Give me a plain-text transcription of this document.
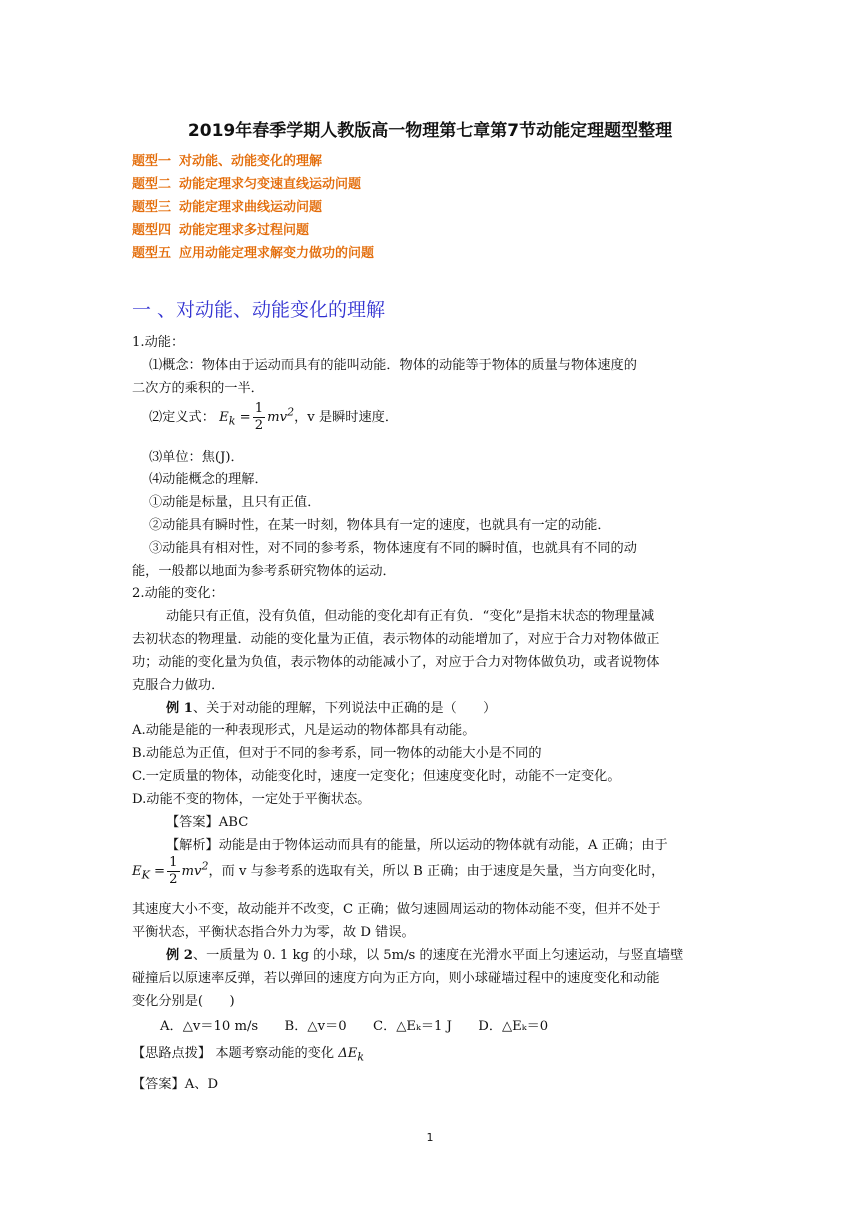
2019年春季学期人教版高一物理第七章第7节动能定理题型整理
题型一 对动能、动能变化的理解
题型二 动能定理求匀变速直线运动问题
题型三 动能定理求曲线运动问题
题型四 动能定理求多过程问题
题型五 应用动能定理求解变力做功的问题
一 、对动能、动能变化的理解
1.动能：
⑴概念：物体由于运动而具有的能叫动能．物体的动能等于物体的质量与物体速度的
二次方的乘积的一半．
⑵定义式： $E_k = \frac{1}{2} mv^2$，v 是瞬时速度．
⑶单位：焦(J)．
⑷动能概念的理解．
①动能是标量，且只有正值．
②动能具有瞬时性，在某一时刻，物体具有一定的速度，也就具有一定的动能．
③动能具有相对性，对不同的参考系，物体速度有不同的瞬时值，也就具有不同的动
能，一般都以地面为参考系研究物体的运动．
2.动能的变化：
动能只有正值，没有负值，但动能的变化却有正有负．“变化”是指末状态的物理量减
去初状态的物理量．动能的变化量为正值，表示物体的动能增加了，对应于合力对物体做正
功；动能的变化量为负值，表示物体的动能减小了，对应于合力对物体做负功，或者说物体
克服合力做功．
例 1、关于对动能的理解，下列说法中正确的是（　　）
A.动能是能的一种表现形式，凡是运动的物体都具有动能。
B.动能总为正值，但对于不同的参考系，同一物体的动能大小是不同的
C.一定质量的物体，动能变化时，速度一定变化；但速度变化时，动能不一定变化。
D.动能不变的物体，一定处于平衡状态。
【答案】ABC
【解析】动能是由于物体运动而具有的能量，所以运动的物体就有动能，A 正确；由于
$E_K = \frac{1}{2} mv^2$，而 v 与参考系的选取有关，所以 B 正确；由于速度是矢量，当方向变化时，
其速度大小不变，故动能并不改变，C 正确；做匀速圆周运动的物体动能不变，但并不处于
平衡状态，平衡状态指合外力为零，故 D 错误。
例 2、一质量为 0. 1 kg 的小球，以 5m/s 的速度在光滑水平面上匀速运动，与竖直墙壁
碰撞后以原速率反弹，若以弹回的速度方向为正方向，则小球碰墙过程中的速度变化和动能
变化分别是(　　)
A．△v＝10 m/s　　B．△v＝0　　C．△Eₖ＝1 J　　D．△Eₖ＝0
【思路点拨】 本题考察动能的变化 $\Delta E_k$
【答案】A、D
1
